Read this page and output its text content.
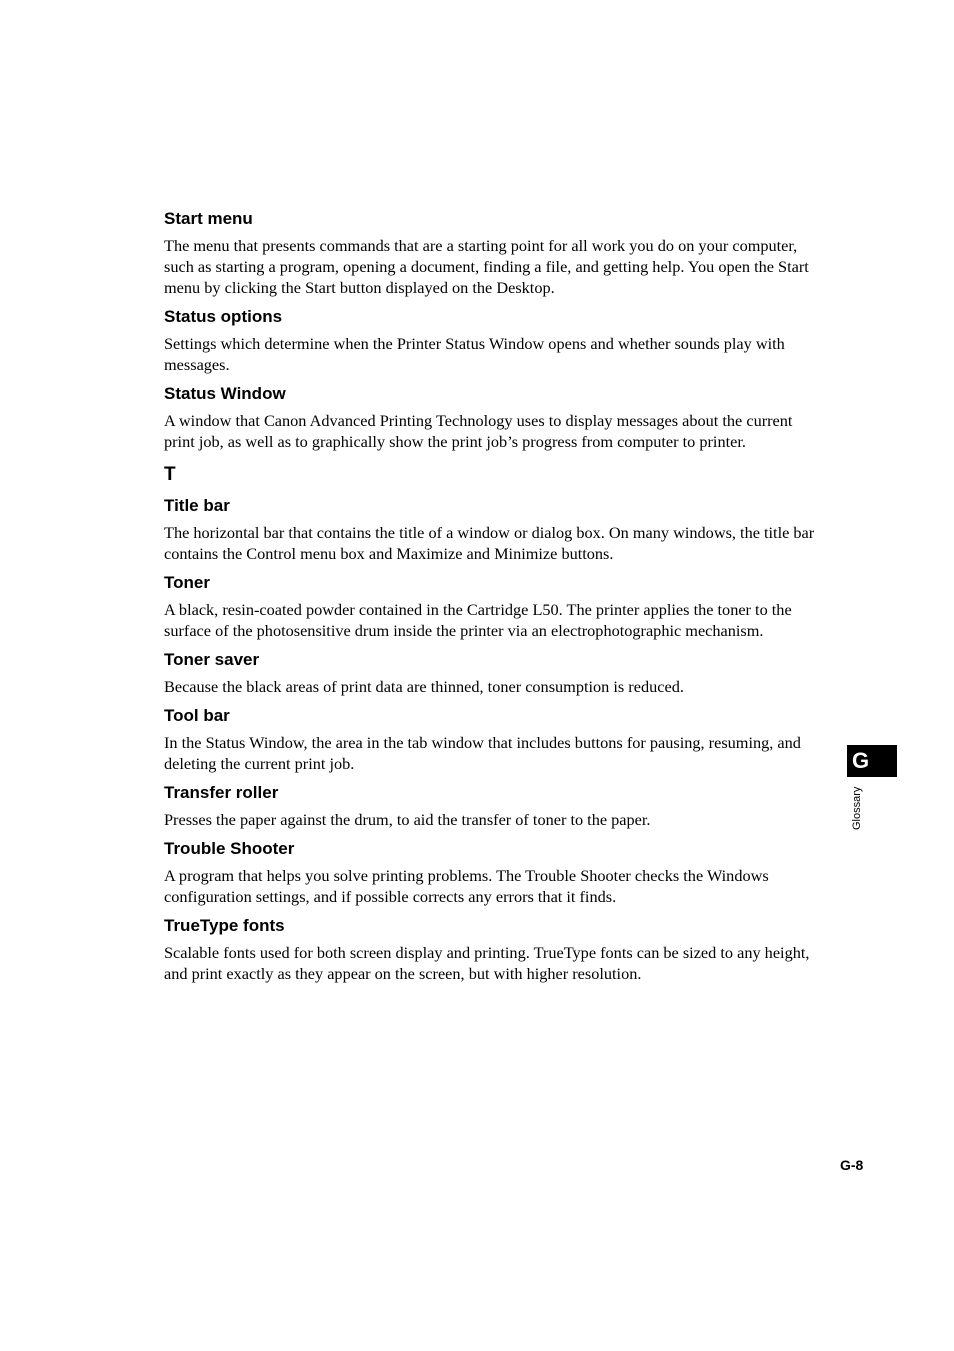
Start menu

The menu that presents commands that are a starting point for all work you do on your computer, such as starting a program, opening a document, finding a file, and getting help. You open the Start menu by clicking the Start button displayed on the Desktop.

Status options

Settings which determine when the Printer Status Window opens and whether sounds play with messages.

Status Window

A window that Canon Advanced Printing Technology uses to display messages about the current print job, as well as to graphically show the print job’s progress from computer to printer.

T
Title bar

The horizontal bar that contains the title of a window or dialog box. On many windows, the title bar contains the Control menu box and Maximize and Minimize buttons.

Toner

A black, resin-coated powder contained in the Cartridge L50. The printer applies the toner to the surface of the photosensitive drum inside the printer via an electrophotographic mechanism.

Toner saver

Because the black areas of print data are thinned, toner consumption is reduced.

Tool bar

In the Status Window, the area in the tab window that includes buttons for pausing, resuming, and deleting the current print job.

Transfer roller

Presses the paper against the drum, to aid the transfer of toner to the paper.

Trouble Shooter

A program that helps you solve printing problems. The Trouble Shooter checks the Windows configuration settings, and if possible corrects any errors that it finds.

TrueType fonts

Scalable fonts used for both screen display and printing. TrueType fonts can be sized to any height, and print exactly as they appear on the screen, but with higher resolution.

G
Glossary
G-8
